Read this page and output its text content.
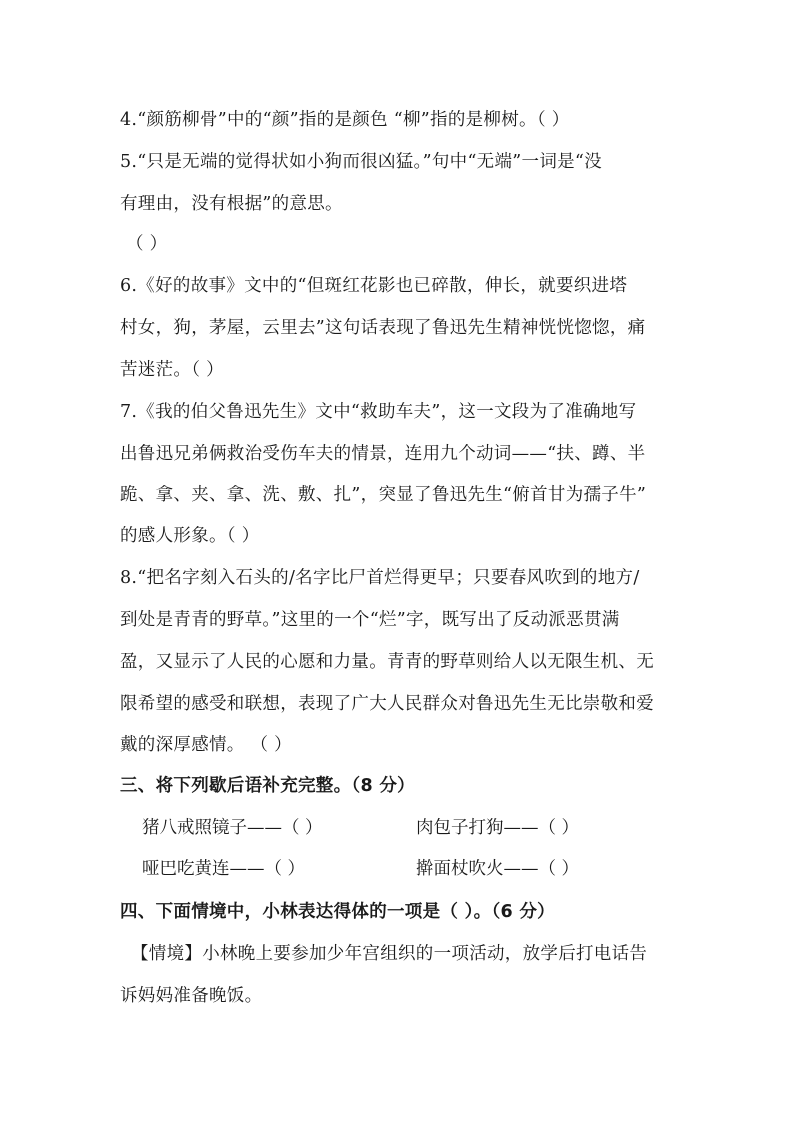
4.“颜筋柳骨”中的“颜”指的是颜色 “柳”指的是柳树。（ ）
5.“只是无端的觉得状如小狗而很凶猛。”句中“无端”一词是“没
有理由，没有根据”的意思。
（ ）
6.《好的故事》文中的“但斑红花影也已碎散，伸长，就要织进塔
村女，狗，茅屋，云里去”这句话表现了鲁迅先生精神恍恍惚惚，痛
苦迷茫。（ ）
7.《我的伯父鲁迅先生》文中“救助车夫”，这一文段为了准确地写
出鲁迅兄弟俩救治受伤车夫的情景，连用九个动词——“扶、蹲、半
跪、拿、夹、拿、洗、敷、扎”，突显了鲁迅先生“俯首甘为孺子牛”
的感人形象。（ ）
8.“把名字刻入石头的/名字比尸首烂得更早；只要春风吹到的地方/
到处是青青的野草。”这里的一个“烂”字，既写出了反动派恶贯满
盈，又显示了人民的心愿和力量。青青的野草则给人以无限生机、无
限希望的感受和联想，表现了广大人民群众对鲁迅先生无比崇敬和爱
戴的深厚感情。 （ ）
三、将下列歇后语补充完整。（8 分）
猪八戒照镜子——（ ）	肉包子打狗——（ ）
哑巴吃黄连——（ ）	擀面杖吹火——（ ）
四、下面情境中，小林表达得体的一项是（ ）。（6 分）
【情境】小林晚上要参加少年宫组织的一项活动，放学后打电话告
诉妈妈准备晚饭。
